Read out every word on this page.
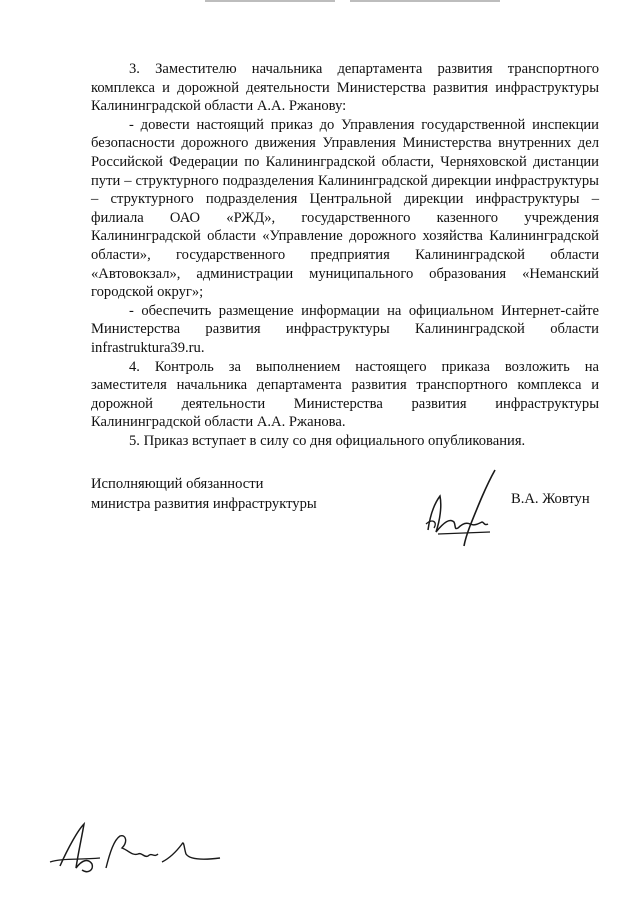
3. Заместителю начальника департамента развития транспортного комплекса и дорожной деятельности Министерства развития инфраструктуры Калининградской области А.А. Ржанову:

- довести настоящий приказ до Управления государственной инспекции безопасности дорожного движения Управления Министерства внутренних дел Российской Федерации по Калининградской области, Черняховской дистанции пути – структурного подразделения Калининградской дирекции инфраструктуры – структурного подразделения Центральной дирекции инфраструктуры – филиала ОАО «РЖД», государственного казенного учреждения Калининградской области «Управление дорожного хозяйства Калининградской области», государственного предприятия Калининградской области «Автовокзал», администрации муниципального образования «Неманский городской округ»;

- обеспечить размещение информации на официальном Интернет-сайте Министерства развития инфраструктуры Калининградской области infrastruktura39.ru.

4. Контроль за выполнением настоящего приказа возложить на заместителя начальника департамента развития транспортного комплекса и дорожной деятельности Министерства развития инфраструктуры Калининградской области А.А. Ржанова.

5. Приказ вступает в силу со дня официального опубликования.

Исполняющий обязанности
министра развития инфраструктуры	В.А. Жовтун
